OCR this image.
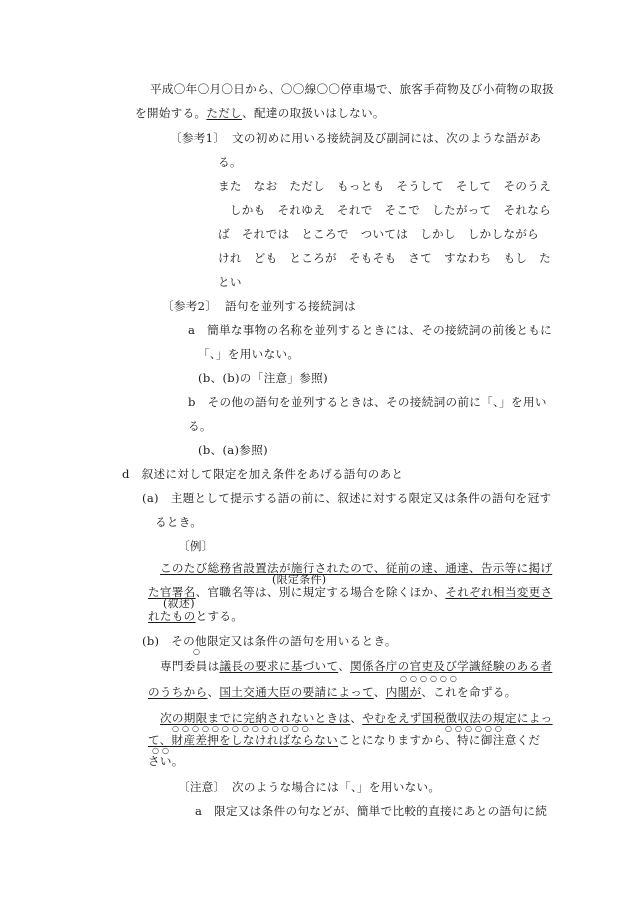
平成〇年〇月〇日から、〇〇線〇〇停車場で、旅客手荷物及び小荷物の取扱
を開始する。ただし、配達の取扱いはしない。
〔参考1〕 文の初めに用いる接続詞及び副詞には、次のような語があ
る。
また　なお　ただし　もっとも　そうして　そして　そのうえ
　しかも　それゆえ　それで　そこで　したがって　それなら
ば　それでは　ところで　ついては　しかし　しかしながら
けれ　ども　ところが　そもそも　さて　すなわち　もし　た
とい
〔参考2〕 語句を並列する接続詞は
a　簡単な事物の名称を並列するときには、その接続詞の前後ともに
「、」を用いない。
(b、(b)の「注意」参照)
b　その他の語句を並列するときは、その接続詞の前に「、」を用い
る。
(b、(a)参照)
d　叙述に対して限定を加え条件をあげる語句のあと
(a)　主題として提示する語の前に、叙述に対する限定又は条件の語句を冠す
るとき。
〔例〕
このたび総務省設置法が施行されたので、従前の達、通達、告示等に掲げ
(限定条件)
た官署名、官職名等は、別に規定する場合を除くほか、それぞれ相当変更さ
(叙述)
れたものとする。
(b)　その他限定又は条件の語句を用いるとき。
○
専門委員は議長の要求に基づいて、関係各庁の官吏及び学識経験のある者
○○○○○○
のうちから、国土交通大臣の要請によって、内閣が、これを命ずる。
次の期限までに完納されないときは、やむをえず国税徴収法の規定によっ
○○○○○○○○○○○○○○	○○○○○○
て、財産差押をしなければならないことになりますから、特に御注意くだ
○○
さい。
〔注意〕 次のような場合には「、」を用いない。
a　限定又は条件の句などが、簡単で比較的直接にあとの語句に続
